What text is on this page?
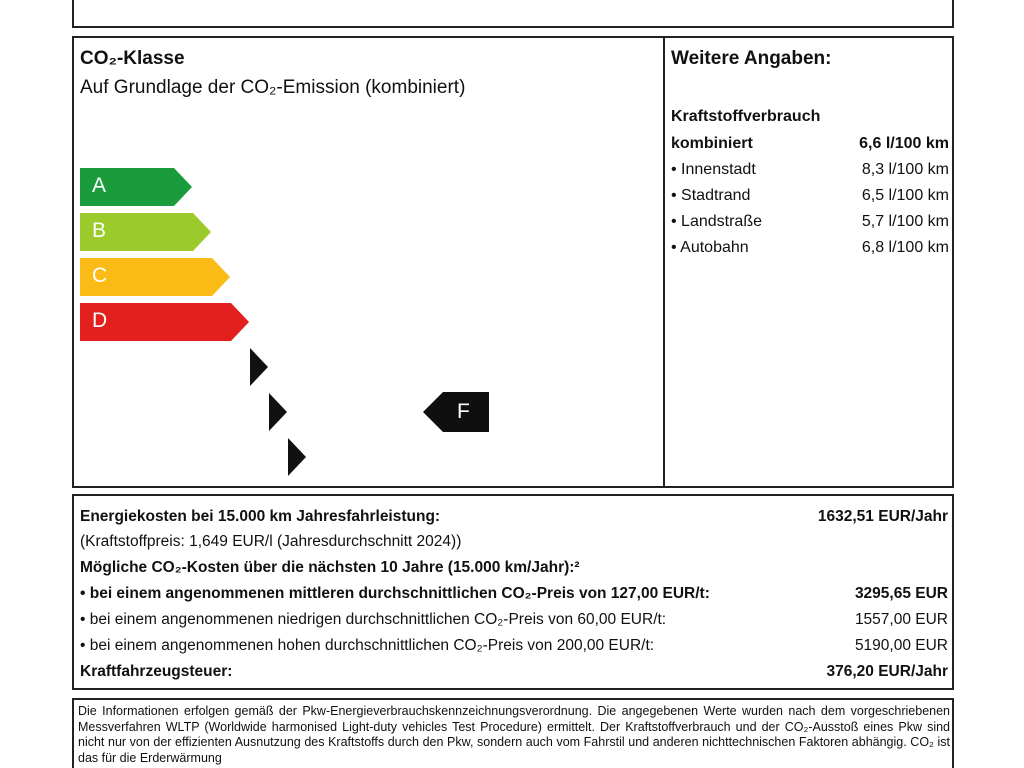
CO₂-Klasse
Auf Grundlage der CO₂-Emission (kombiniert)
A
B
C
D
E
F
G
F
Weitere Angaben:
Kraftstoffverbrauch
kombiniert	6,6 l/100 km
• Innenstadt	8,3 l/100 km
• Stadtrand	6,5 l/100 km
• Landstraße	5,7 l/100 km
• Autobahn	6,8 l/100 km
Energiekosten bei 15.000 km Jahresfahrleistung:	1632,51 EUR/Jahr
(Kraftstoffpreis: 1,649 EUR/l (Jahresdurchschnitt 2024))
Mögliche CO₂-Kosten über die nächsten 10 Jahre (15.000 km/Jahr):²
• bei einem angenommenen mittleren durchschnittlichen CO₂-Preis von 127,00 EUR/t:	3295,65 EUR
• bei einem angenommenen niedrigen durchschnittlichen CO₂-Preis von 60,00 EUR/t:	1557,00 EUR
• bei einem angenommenen hohen durchschnittlichen CO₂-Preis von 200,00 EUR/t:	5190,00 EUR
Kraftfahrzeugsteuer:	376,20 EUR/Jahr
Die Informationen erfolgen gemäß der Pkw-Energieverbrauchskennzeichnungsverordnung. Die angegebenen Werte wurden nach dem vorgeschriebenen Messverfahren WLTP (Worldwide harmonised Light-duty vehicles Test Procedure) ermittelt. Der Kraftstoffverbrauch und der CO₂-Ausstoß eines Pkw sind nicht nur von der effizienten Ausnutzung des Kraftstoffs durch den Pkw, sondern auch vom Fahrstil und anderen nichttechnischen Faktoren abhängig. CO₂ ist das für die Erderwärmung
